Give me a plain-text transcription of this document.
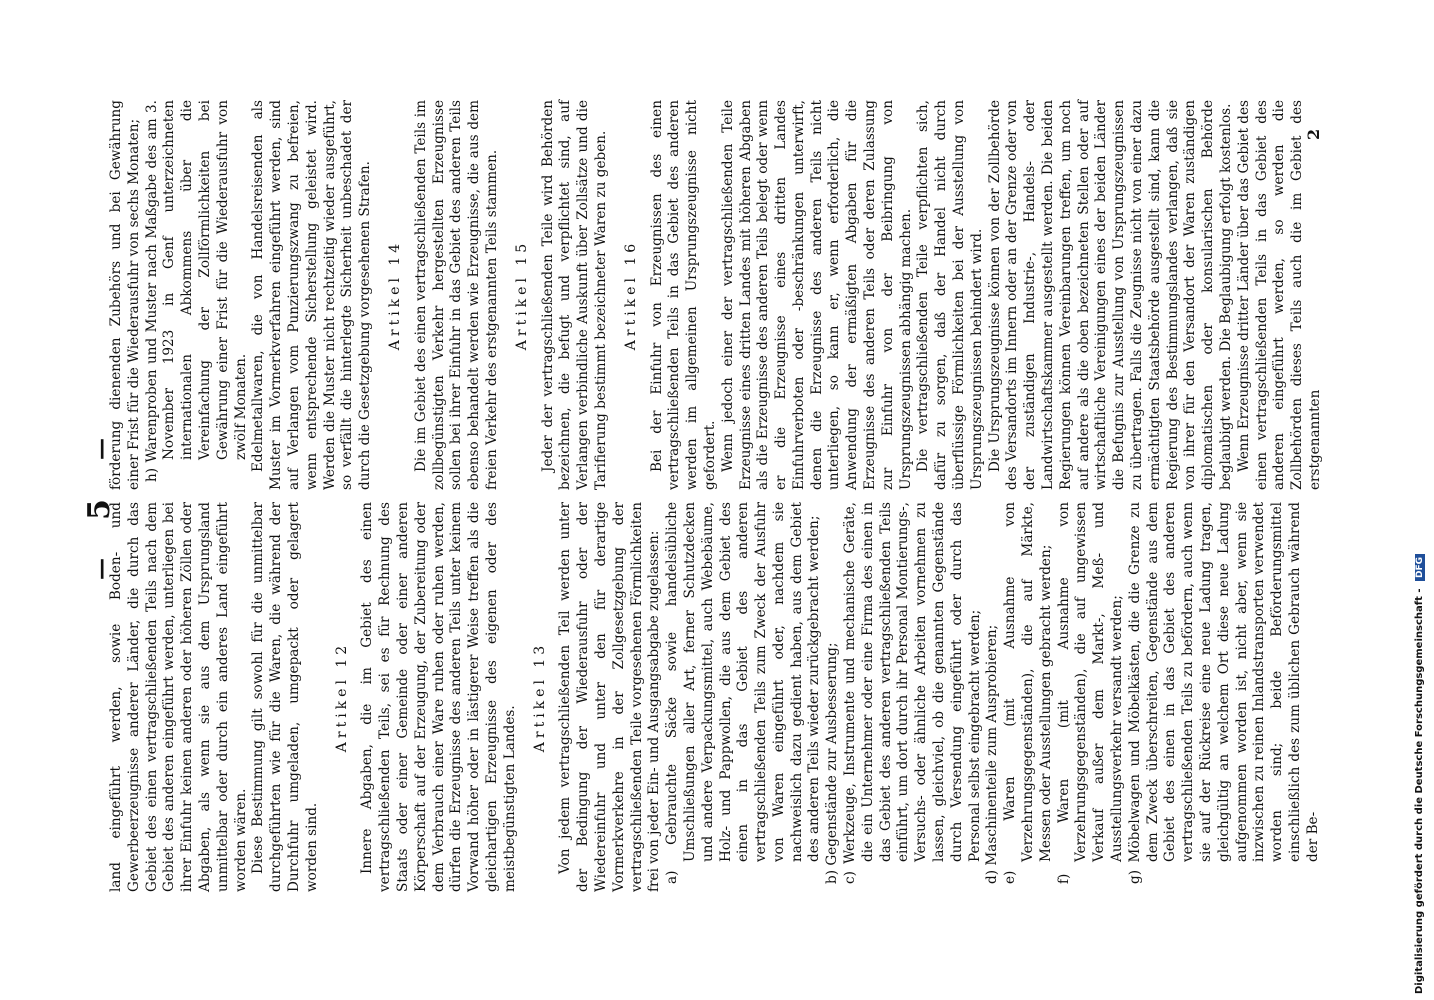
—
5
—

land eingeführt werden, sowie Boden- und Gewerbeerzeugnisse anderer Länder, die durch das Gebiet des einen vertragschließenden Teils nach dem Gebiet des anderen eingeführt werden, unterliegen bei ihrer Einfuhr keinen anderen oder höheren Zöllen oder Abgaben, als wenn sie aus dem Ursprungsland unmittelbar oder durch ein anderes Land eingeführt worden wären. Diese Bestimmung gilt sowohl für die unmittelbar durchgeführten wie für die Waren, die während der Durchfuhr umgeladen, umgepackt oder gelagert worden sind.

Artikel 12 Innere Abgaben, die im Gebiet des einen vertragschließenden Teils, sei es für Rechnung des Staats oder einer Gemeinde oder einer anderen Körperschaft auf der Erzeugung, der Zubereitung oder dem Verbrauch einer Ware ruhen oder ruhen werden, dürfen die Erzeugnisse des anderen Teils unter keinem Vorwand höher oder in lästigerer Weise treffen als die gleichartigen Erzeugnisse des eigenen oder des meistbegünstigten Landes.

Artikel 13 Von jedem vertragschließenden Teil werden unter der Bedingung der Wiederausfuhr oder der Wiedereinfuhr und unter den für derartige Vormerkverkehre in der Zollgesetzgebung der vertragschließenden Teile vorgesehenen Förmlichkeiten frei von jeder Ein- und Ausgangsabgabe zugelassen: a) Gebrauchte Säcke sowie handelsübliche Umschließungen aller Art, ferner Schutzdecken und andere Verpackungsmittel, auch Webebäume, Holz- und Pappwollen, die aus dem Gebiet des einen in das Gebiet des anderen vertragschließenden Teils zum Zweck der Ausfuhr von Waren eingeführt oder, nachdem sie nachweislich dazu gedient haben, aus dem Gebiet des anderen Teils wieder zurückgebracht werden; b) Gegenstände zur Ausbesserung; c) Werkzeuge, Instrumente und mechanische Geräte, die ein Unternehmer oder eine Firma des einen in das Gebiet des anderen vertragschließenden Teils einführt, um dort durch ihr Personal Montierungs-, Versuchs- oder ähnliche Arbeiten vornehmen zu lassen, gleichviel, ob die genannten Gegenstände durch Versendung eingeführt oder durch das Personal selbst eingebracht werden; d) Maschinenteile zum Ausprobieren; e) Waren (mit Ausnahme von Verzehrungsgegenständen), die auf Märkte, Messen oder Ausstellungen gebracht werden; f) Waren (mit Ausnahme von Verzehrungsgegenständen), die auf ungewissen Verkauf außer dem Markt-, Meß- und Ausstellungsverkehr versandt werden; g) Möbelwagen und Möbelkästen, die die Grenze zu dem Zweck überschreiten, Gegenstände aus dem Gebiet des einen in das Gebiet des anderen vertragschließenden Teils zu befördern, auch wenn sie auf der Rückreise eine neue Ladung tragen, gleichgültig an welchem Ort diese neue Ladung aufgenommen worden ist, nicht aber, wenn sie inzwischen zu reinen Inlandstransporten verwendet worden sind; beide Beförderungsmittel einschließlich des zum üblichen Gebrauch während der Be-

förderung dienenden Zubehörs und bei Gewährung einer Frist für die Wiederausfuhr von sechs Monaten; h) Warenproben und Muster nach Maßgabe des am 3. November 1923 in Genf unterzeichneten internationalen Abkommens über die Vereinfachung der Zollförmlichkeiten bei Gewährung einer Frist für die Wiederausfuhr von zwölf Monaten. Edelmetallwaren, die von Handelsreisenden als Muster im Vormerkverfahren eingeführt werden, sind auf Verlangen vom Punzierungszwang zu befreien, wenn entsprechende Sicherstellung geleistet wird. Werden die Muster nicht rechtzeitig wieder ausgeführt, so verfällt die hinterlegte Sicherheit unbeschadet der durch die Gesetzgebung vorgesehenen Strafen. Artikel 14 Die im Gebiet des einen vertragschließenden Teils im zollbegünstigten Verkehr hergestellten Erzeugnisse sollen bei ihrer Einfuhr in das Gebiet des anderen Teils ebenso behandelt werden wie Erzeugnisse, die aus dem freien Verkehr des erstgenannten Teils stammen. Artikel 15 Jeder der vertragschließenden Teile wird Behörden bezeichnen, die befugt und verpflichtet sind, auf Verlangen verbindliche Auskunft über Zollsätze und die Tarifierung bestimmt bezeichneter Waren zu geben. Artikel 16 Bei der Einfuhr von Erzeugnissen des einen vertragschließenden Teils in das Gebiet des anderen werden im allgemeinen Ursprungszeugnisse nicht gefordert. Wenn jedoch einer der vertragschließenden Teile Erzeugnisse eines dritten Landes mit höheren Abgaben als die Erzeugnisse des anderen Teils belegt oder wenn er die Erzeugnisse eines dritten Landes Einfuhrverboten oder -beschränkungen unterwirft, denen die Erzeugnisse des anderen Teils nicht unterliegen, so kann er, wenn erforderlich, die Anwendung der ermäßigten Abgaben für die Erzeugnisse des anderen Teils oder deren Zulassung zur Einfuhr von der Beibringung von Ursprungszeugnissen abhängig machen. Die vertragschließenden Teile verpflichten sich, dafür zu sorgen, daß der Handel nicht durch überflüssige Förmlichkeiten bei der Ausstellung von Ursprungszeugnissen behindert wird. Die Ursprungszeugnisse können von der Zollbehörde des Versandorts im Innern oder an der Grenze oder von der zuständigen Industrie-, Handels- oder Landwirtschaftskammer ausgestellt werden. Die beiden Regierungen können Vereinbarungen treffen, um noch auf andere als die oben bezeichneten Stellen oder auf wirtschaftliche Vereinigungen eines der beiden Länder die Befugnis zur Ausstellung von Ursprungszeugnissen zu übertragen. Falls die Zeugnisse nicht von einer dazu ermächtigten Staatsbehörde ausgestellt sind, kann die Regierung des Bestimmungslandes verlangen, daß sie von ihrer für den Versandort der Waren zuständigen diplomatischen oder konsularischen Behörde beglaubigt werden. Die Beglaubigung erfolgt kostenlos. Wenn Erzeugnisse dritter Länder über das Gebiet des einen vertragschließenden Teils in das Gebiet des anderen eingeführt werden, so werden die Zollbehörden dieses Teils auch die im Gebiet des erstgenannten

2
Digitalisierung gefördert durch die Deutsche Forschungsgemeinschaft - DFG
